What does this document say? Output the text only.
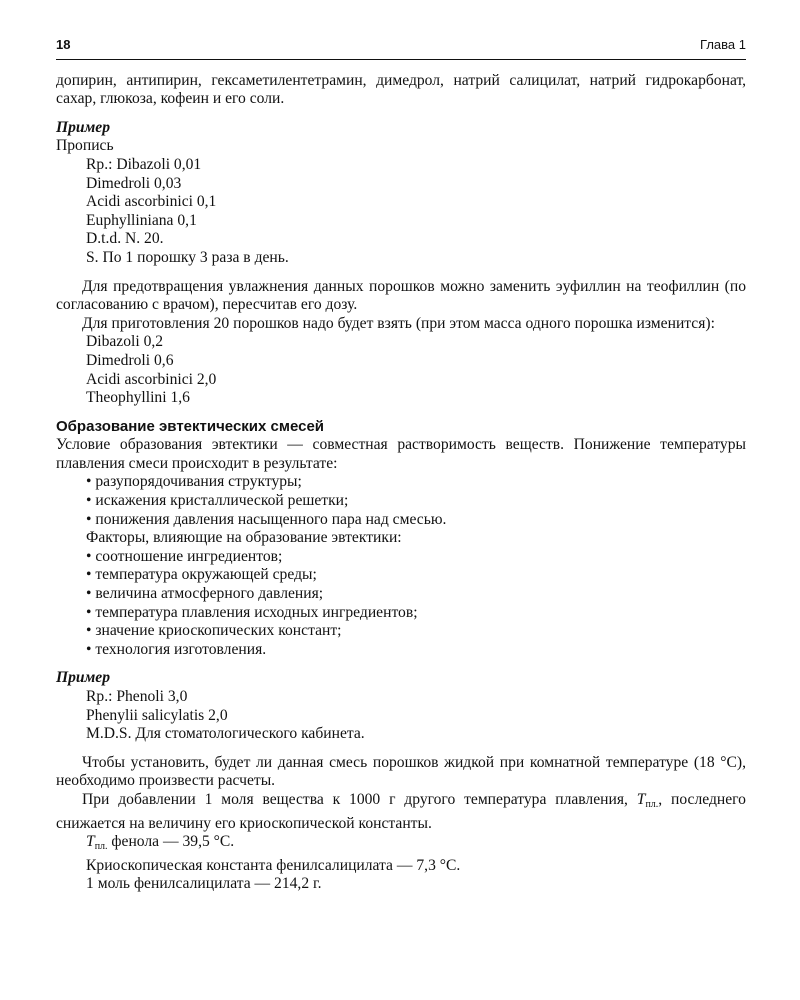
18	Глава 1

допирин, антипирин, гексаметилентетрамин, димедрол, натрий салицилат, натрий гидрокарбонат, сахар, глюкоза, кофеин и его соли.

Пример
Пропись
Rp.: Dibazoli 0,01
Dimedroli 0,03
Acidi ascorbinici 0,1
Euphylliniana 0,1
D.t.d. N. 20.
S. По 1 порошку 3 раза в день.

Для предотвращения увлажнения данных порошков можно заменить эуфиллин на теофиллин (по согласованию с врачом), пересчитав его дозу.

Для приготовления 20 порошков надо будет взять (при этом масса одного порошка изменится):

Dibazoli 0,2
Dimedroli 0,6
Acidi ascorbinici 2,0
Theophyllini 1,6
Образование эвтектических смесей

Условие образования эвтектики — совместная растворимость веществ. Понижение температуры плавления смеси происходит в результате:

• разупорядочивания структуры;
• искажения кристаллической решетки;
• понижения давления насыщенного пара над смесью.
Факторы, влияющие на образование эвтектики:
• соотношение ингредиентов;
• температура окружающей среды;
• величина атмосферного давления;
• температура плавления исходных ингредиентов;
• значение криоскопических констант;
• технология изготовления.
Пример
Rp.: Phenoli 3,0
Phenylii salicylatis 2,0
M.D.S. Для стоматологического кабинета.

Чтобы установить, будет ли данная смесь порошков жидкой при комнатной температуре (18 °С), необходимо произвести расчеты.

При добавлении 1 моля вещества к 1000 г другого температура плавления, $T_{пл.}$, последнего снижается на величину его криоскопической константы.

$T_{пл.}$ фенола — 39,5 °С.
Криоскопическая константа фенилсалицилата — 7,3 °С.
1 моль фенилсалицилата — 214,2 г.
